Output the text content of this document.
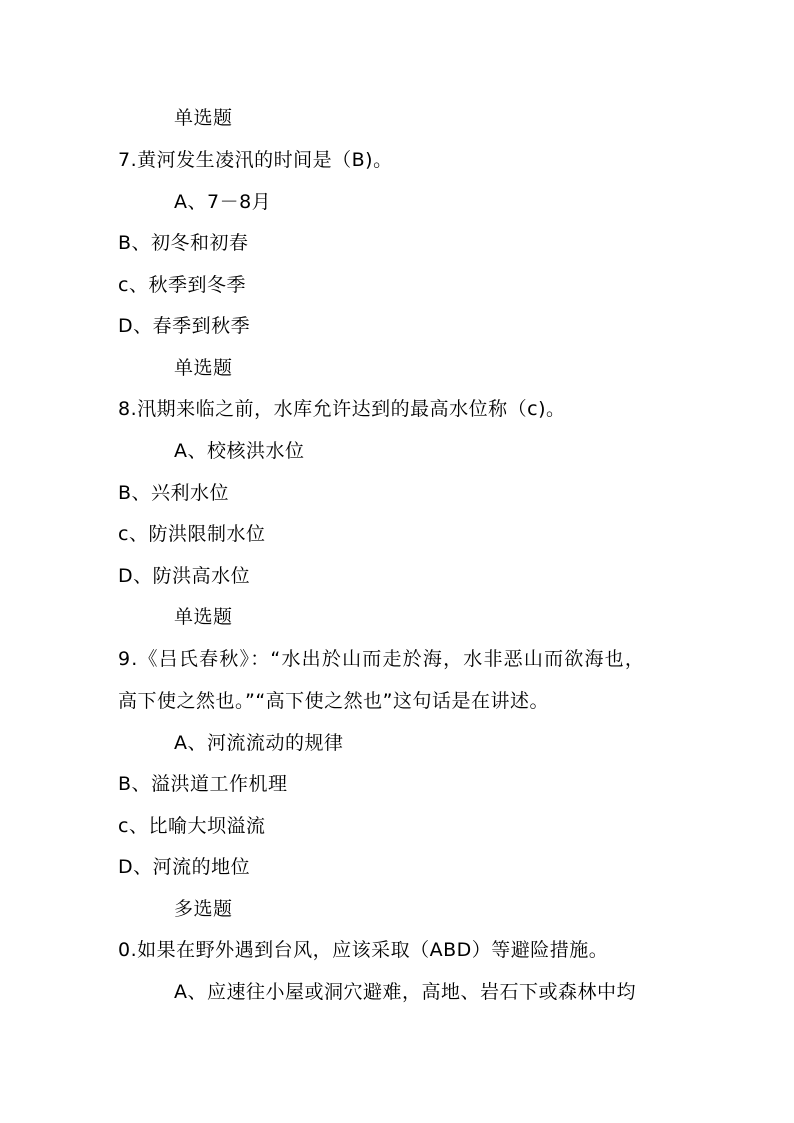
单选题
7.黄河发生凌汛的时间是（B)。
A、7－8月
B、初冬和初春
c、秋季到冬季
D、春季到秋季
单选题
8.汛期来临之前，水库允许达到的最高水位称（c)。
A、校核洪水位
B、兴利水位
c、防洪限制水位
D、防洪高水位
单选题
9.《吕氏春秋》：“水出於山而走於海，水非恶山而欲海也，
高下使之然也。”“高下使之然也”这句话是在讲述。
A、河流流动的规律
B、溢洪道工作机理
c、比喻大坝溢流
D、河流的地位
多选题
0.如果在野外遇到台风，应该采取（ABD）等避险措施。
A、应速往小屋或洞穴避难，高地、岩石下或森林中均
